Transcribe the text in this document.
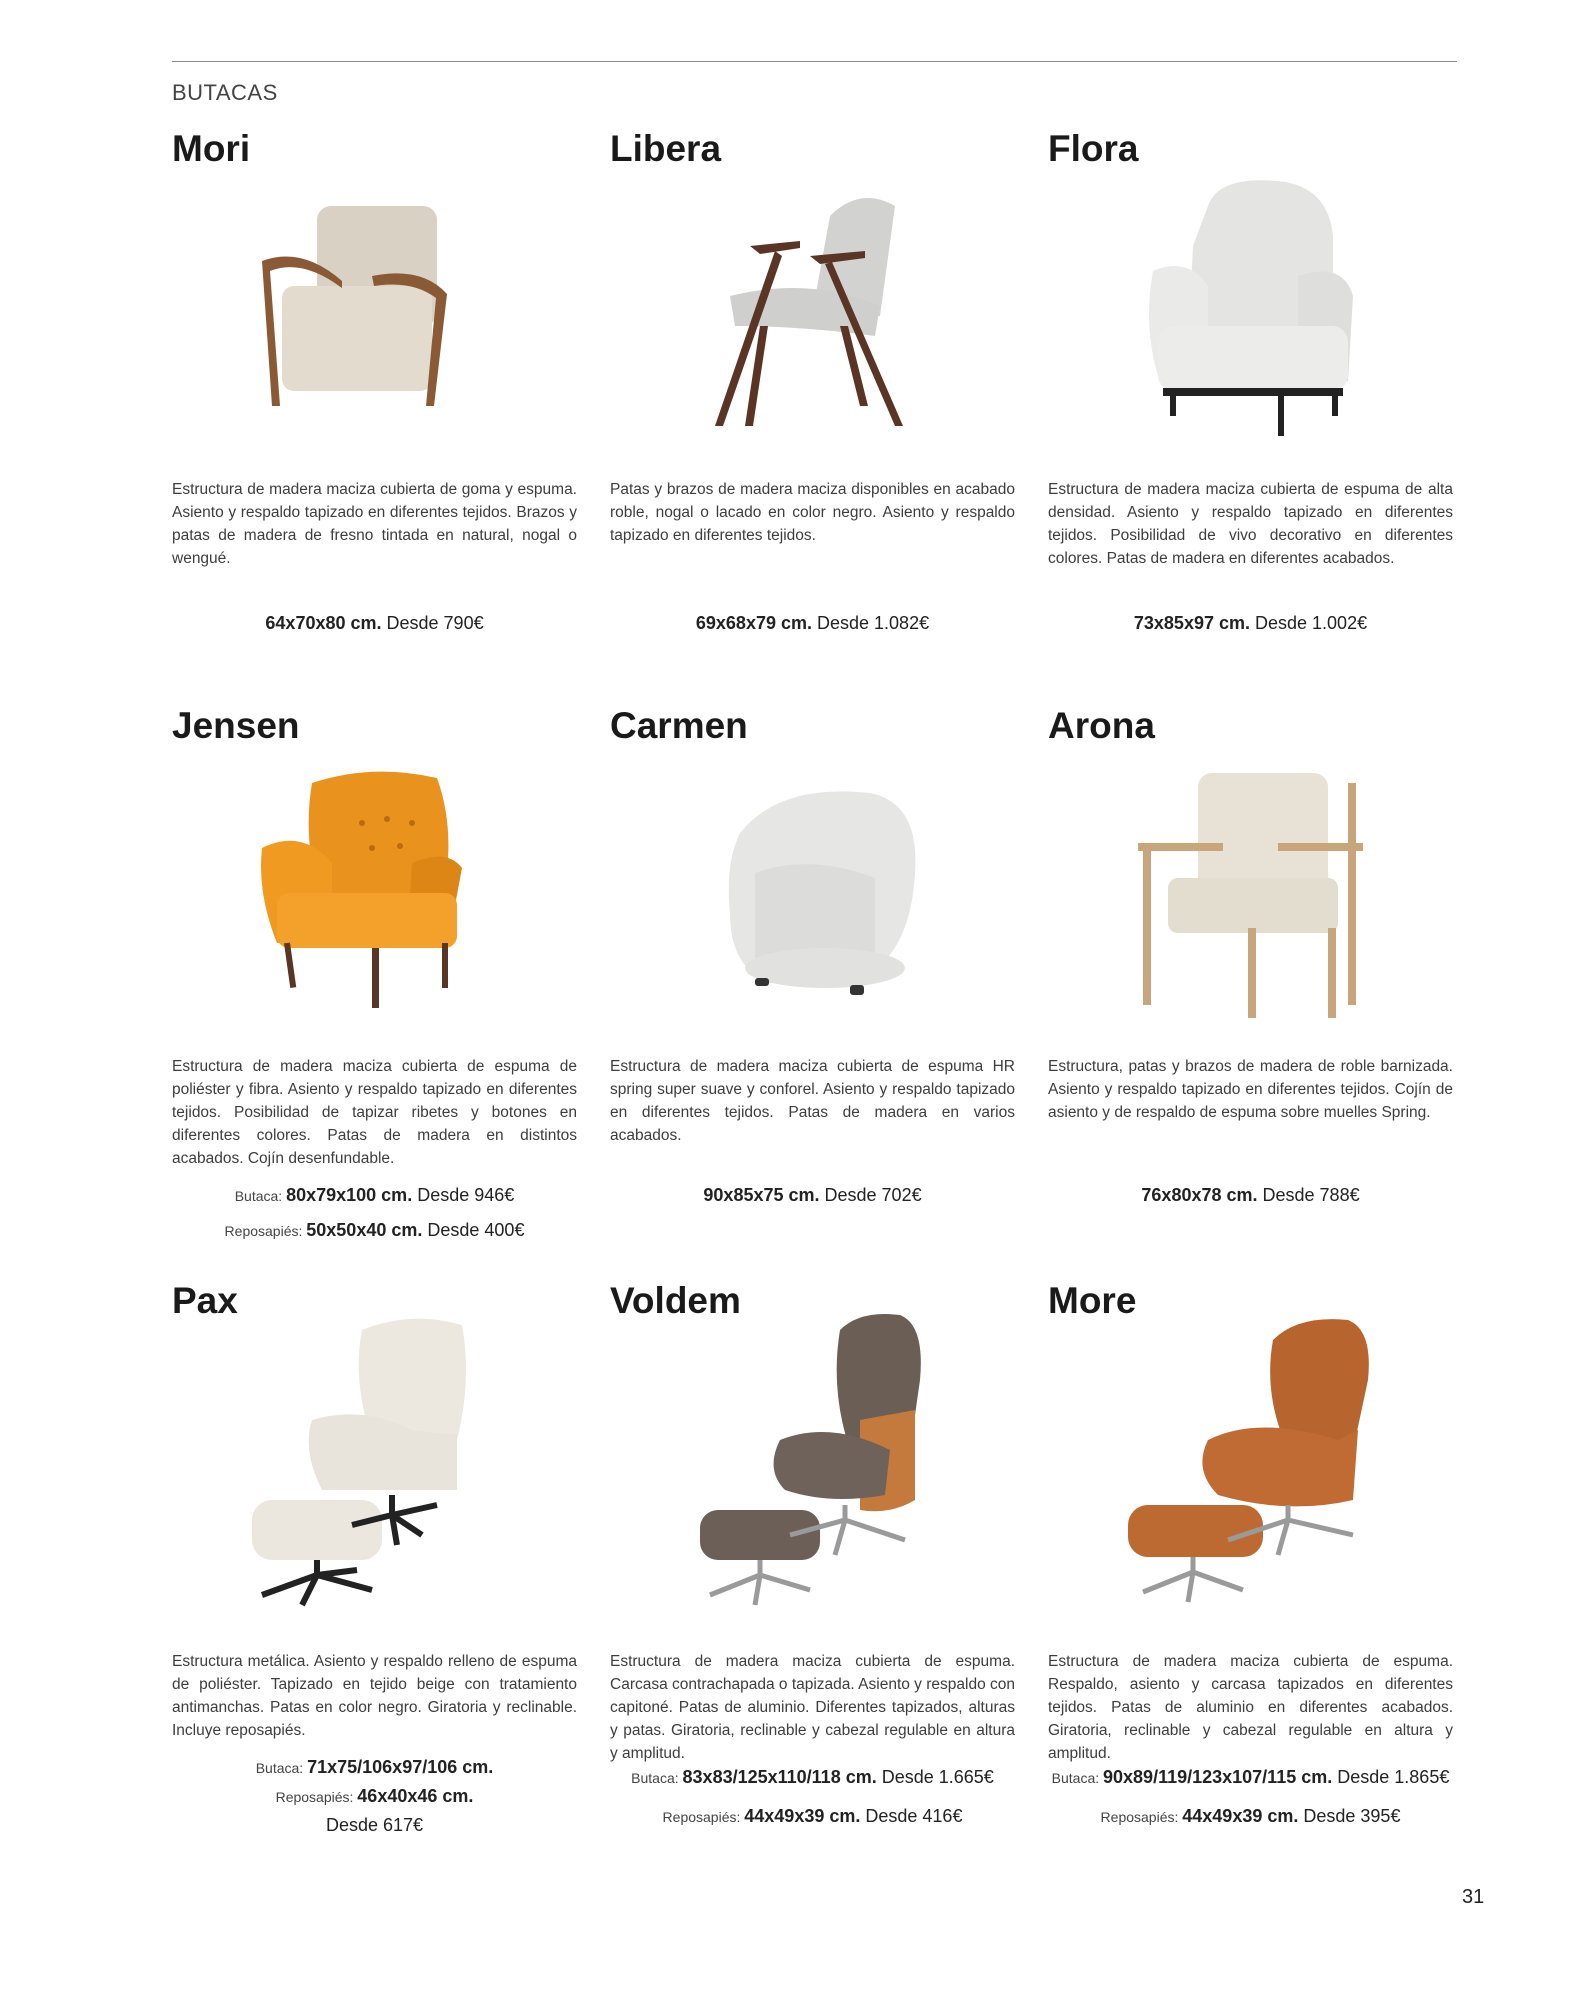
BUTACAS
Mori
Estructura de madera maciza cubierta de goma y espuma. Asiento y respaldo tapizado en diferentes tejidos. Brazos y patas de madera de fresno tintada en natural, nogal o wengué.
64x70x80 cm. Desde 790€
Libera
Patas y brazos de madera maciza disponibles en acabado roble, nogal o lacado en color negro. Asiento y respaldo tapizado en diferentes tejidos.
69x68x79 cm. Desde 1.082€
Flora
Estructura de madera maciza cubierta de espuma de alta densidad. Asiento y respaldo tapizado en diferentes tejidos. Posibilidad de vivo decorativo en diferentes colores. Patas de madera en diferentes acabados.
73x85x97 cm. Desde 1.002€
Jensen
Estructura de madera maciza cubierta de espuma de poliéster y fibra. Asiento y respaldo tapizado en diferentes tejidos. Posibilidad de tapizar ribetes y botones en diferentes colores. Patas de madera en distintos acabados. Cojín desenfundable.
Butaca: 80x79x100 cm. Desde 946€
Reposapiés: 50x50x40 cm. Desde 400€
Carmen
Estructura de madera maciza cubierta de espuma HR spring super suave y conforel. Asiento y respaldo tapizado en diferentes tejidos. Patas de madera en varios acabados.
90x85x75 cm. Desde 702€
Arona
Estructura, patas y brazos de madera de roble barnizada. Asiento y respaldo tapizado en diferentes tejidos. Cojín de asiento y de respaldo de espuma sobre muelles Spring.
76x80x78 cm. Desde 788€
Pax
Estructura metálica. Asiento y respaldo relleno de espuma de poliéster. Tapizado en tejido beige con tratamiento antimanchas. Patas en color negro. Giratoria y reclinable. Incluye reposapiés.
Butaca: 71x75/106x97/106 cm.
Reposapiés: 46x40x46 cm.
Desde 617€
Voldem
Estructura de madera maciza cubierta de espuma. Carcasa contrachapada o tapizada. Asiento y respaldo con capitoné. Patas de aluminio. Diferentes tapizados, alturas y patas. Giratoria, reclinable y cabezal regulable en altura y amplitud.
Butaca: 83x83/125x110/118 cm. Desde 1.665€
Reposapiés: 44x49x39 cm. Desde 416€
More
Estructura de madera maciza cubierta de espuma. Respaldo, asiento y carcasa tapizados en diferentes tejidos. Patas de aluminio en diferentes acabados. Giratoria, reclinable y cabezal regulable en altura y amplitud.
Butaca: 90x89/119/123x107/115 cm. Desde 1.865€
Reposapiés: 44x49x39 cm. Desde 395€
31
